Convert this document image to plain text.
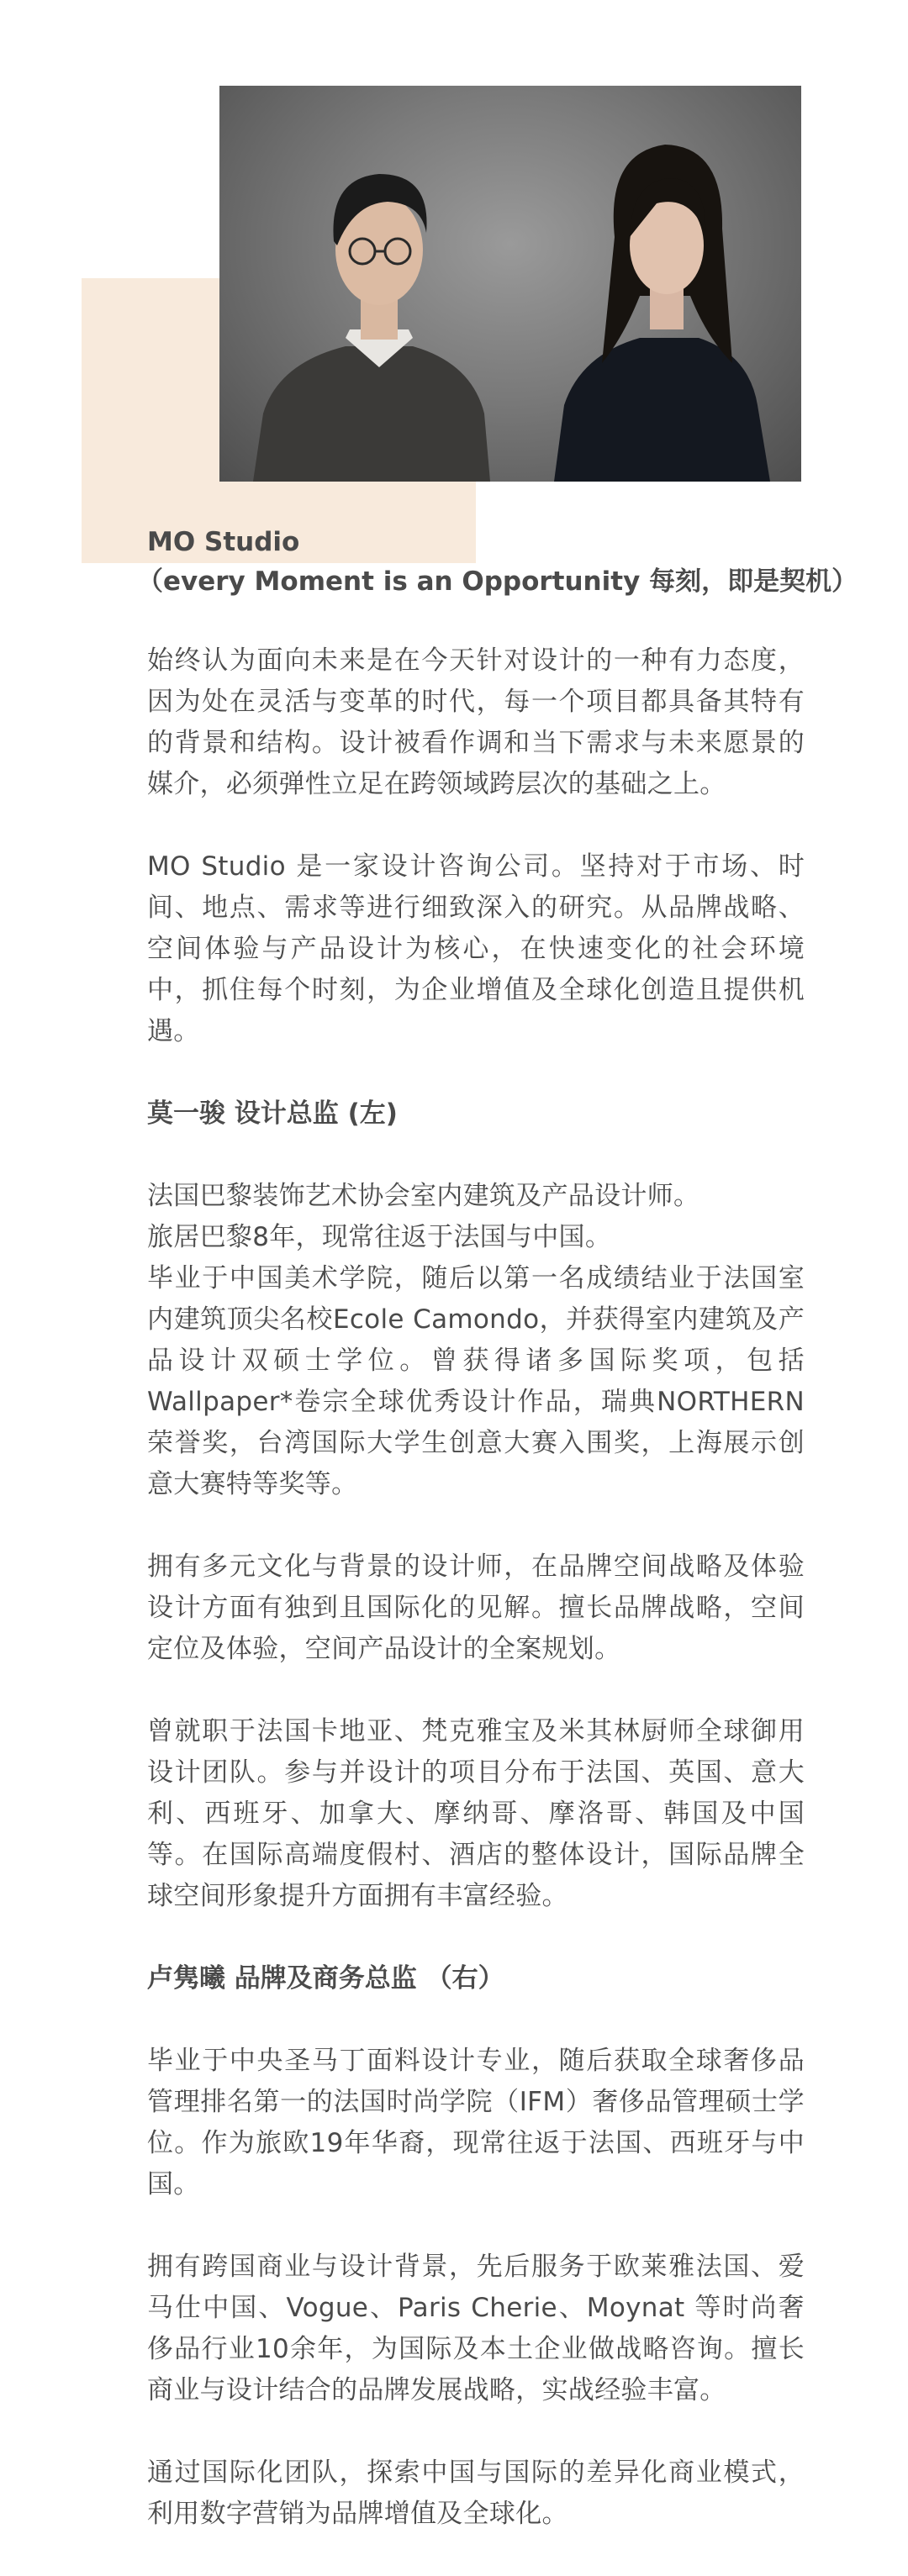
MO Studio

（every Moment is an Opportunity 每刻，即是契机）

始终认为面向未来是在今天针对设计的一种有力态度，因为处在灵活与变革的时代，每一个项目都具备其特有的背景和结构。设计被看作调和当下需求与未来愿景的媒介，必须弹性立足在跨领域跨层次的基础之上。

MO Studio 是一家设计咨询公司。坚持对于市场、时间、地点、需求等进行细致深入的研究。从品牌战略、空间体验与产品设计为核心，在快速变化的社会环境中，抓住每个时刻，为企业增值及全球化创造且提供机遇。

莫一骏 设计总监 (左)

法国巴黎装饰艺术协会室内建筑及产品设计师。
旅居巴黎8年，现常往返于法国与中国。
毕业于中国美术学院，随后以第一名成绩结业于法国室内建筑顶尖名校Ecole Camondo，并获得室内建筑及产品设计双硕士学位。曾获得诸多国际奖项，包括Wallpaper*卷宗全球优秀设计作品，瑞典NORTHERN荣誉奖，台湾国际大学生创意大赛入围奖，上海展示创意大赛特等奖等。

拥有多元文化与背景的设计师，在品牌空间战略及体验设计方面有独到且国际化的见解。擅长品牌战略，空间定位及体验，空间产品设计的全案规划。

曾就职于法国卡地亚、梵克雅宝及米其林厨师全球御用设计团队。参与并设计的项目分布于法国、英国、意大利、西班牙、加拿大、摩纳哥、摩洛哥、韩国及中国等。在国际高端度假村、酒店的整体设计，国际品牌全球空间形象提升方面拥有丰富经验。

卢隽曦 品牌及商务总监 （右）

毕业于中央圣马丁面料设计专业，随后获取全球奢侈品管理排名第一的法国时尚学院（IFM）奢侈品管理硕士学位。作为旅欧19年华裔，现常往返于法国、西班牙与中国。

拥有跨国商业与设计背景，先后服务于欧莱雅法国、爱马仕中国、Vogue、Paris Cherie、Moynat 等时尚奢侈品行业10余年，为国际及本土企业做战略咨询。擅长商业与设计结合的品牌发展战略，实战经验丰富。

通过国际化团队，探索中国与国际的差异化商业模式，利用数字营销为品牌增值及全球化。
